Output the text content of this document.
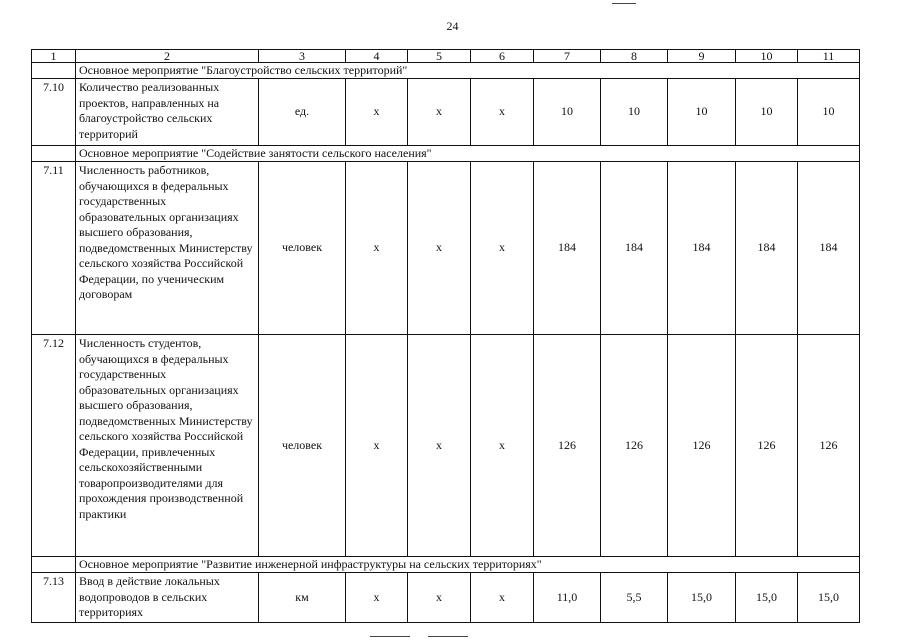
24
1	2	3	4	5	6	7	8	9	10	11
	Основное мероприятие "Благоустройство сельских территорий"									
7.10	Количество реализованных проектов, направленных на благоустройство сельских территорий	ед.	x	x	x	10	10	10	10	10
	Основное мероприятие "Содействие занятости сельского населения"									
7.11	Численность работников, обучающихся в федеральных государственных образовательных организациях высшего образования, подведомственных Министерству сельского хозяйства Российской Федерации, по ученическим договорам	человек	x	x	x	184	184	184	184	184
7.12	Численность студентов, обучающихся в федеральных государственных образовательных организациях высшего образования, подведомственных Министерству сельского хозяйства Российской Федерации, привлеченных сельскохозяйственными товаропроизводителями для прохождения производственной практики	человек	x	x	x	126	126	126	126	126
	Основное мероприятие "Развитие инженерной инфраструктуры на сельских территориях"									
7.13	Ввод в действие локальных водопроводов в сельских территориях	км	x	x	x	11,0	5,5	15,0	15,0	15,0
